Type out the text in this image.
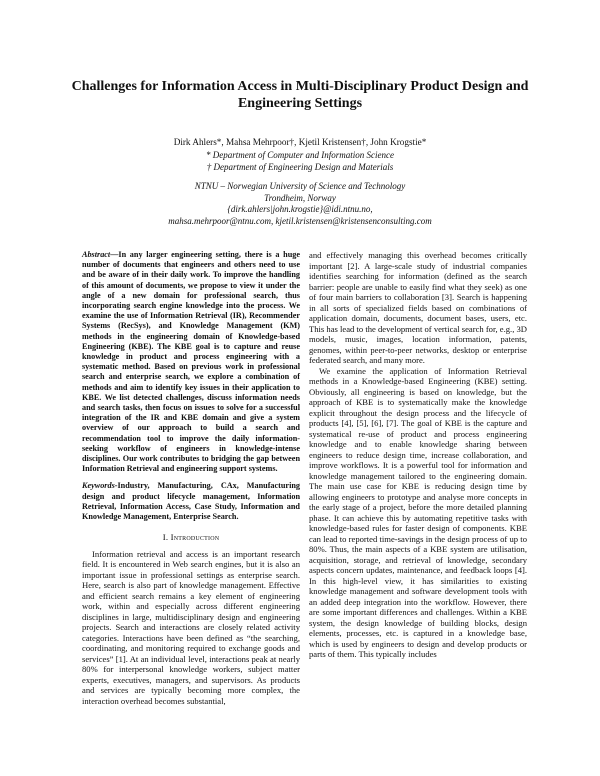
Challenges for Information Access in Multi-Disciplinary Product Design and Engineering Settings
Dirk Ahlers*, Mahsa Mehrpoor†, Kjetil Kristensen†, John Krogstie*
* Department of Computer and Information Science
† Department of Engineering Design and Materials
NTNU – Norwegian University of Science and Technology
Trondheim, Norway
{dirk.ahlers|john.krogstie}@idi.ntnu.no,
mahsa.mehrpoor@ntnu.com, kjetil.kristensen@kristensenconsulting.com

Abstract—In any larger engineering setting, there is a huge number of documents that engineers and others need to use and be aware of in their daily work. To improve the handling of this amount of documents, we propose to view it under the angle of a new domain for professional search, thus incorporating search engine knowledge into the process. We examine the use of Information Retrieval (IR), Recommender Systems (RecSys), and Knowledge Management (KM) methods in the engineering domain of Knowledge-based Engineering (KBE). The KBE goal is to capture and reuse knowledge in product and process engineering with a systematic method. Based on previous work in professional search and enterprise search, we explore a combination of methods and aim to identify key issues in their application to KBE. We list detected challenges, discuss information needs and search tasks, then focus on issues to solve for a successful integration of the IR and KBE domain and give a system overview of our approach to build a search and recommendation tool to improve the daily information-seeking workflow of engineers in knowledge-intense disciplines. Our work contributes to bridging the gap between Information Retrieval and engineering support systems.

Keywords-Industry, Manufacturing, CAx, Manufacturing design and product lifecycle management, Information Retrieval, Information Access, Case Study, Information and Knowledge Management, Enterprise Search.

I. Introduction

Information retrieval and access is an important research field. It is encountered in Web search engines, but it is also an important issue in professional settings as enterprise search. Here, search is also part of knowledge management. Effective and efficient search remains a key element of engineering work, within and especially across different engineering disciplines in large, multidisciplinary design and engineering projects. Search and interactions are closely related activity categories. Interactions have been defined as “the searching, coordinating, and monitoring required to exchange goods and services” [1]. At an individual level, interactions peak at nearly 80% for interpersonal knowledge workers, subject matter experts, executives, managers, and supervisors. As products and services are typically becoming more complex, the interaction overhead becomes substantial,

and effectively managing this overhead becomes critically important [2]. A large-scale study of industrial companies identifies searching for information (defined as the search barrier: people are unable to easily find what they seek) as one of four main barriers to collaboration [3]. Search is happening in all sorts of specialized fields based on combinations of application domain, documents, document bases, users, etc. This has lead to the development of vertical search for, e.g., 3D models, music, images, location information, patents, genomes, within peer-to-peer networks, desktop or enterprise federated search, and many more.

We examine the application of Information Retrieval methods in a Knowledge-based Engineering (KBE) setting. Obviously, all engineering is based on knowledge, but the approach of KBE is to systematically make the knowledge explicit throughout the design process and the lifecycle of products [4], [5], [6], [7]. The goal of KBE is the capture and systematical re-use of product and process engineering knowledge and to enable knowledge sharing between engineers to reduce design time, increase collaboration, and improve workflows. It is a powerful tool for information and knowledge management tailored to the engineering domain. The main use case for KBE is reducing design time by allowing engineers to prototype and analyse more concepts in the early stage of a project, before the more detailed planning phase. It can achieve this by automating repetitive tasks with knowledge-based rules for faster design of components. KBE can lead to reported time-savings in the design process of up to 80%. Thus, the main aspects of a KBE system are utilisation, acquisition, storage, and retrieval of knowledge, secondary aspects concern updates, maintenance, and feedback loops [4]. In this high-level view, it has similarities to existing knowledge management and software development tools with an added deep integration into the workflow. However, there are some important differences and challenges. Within a KBE system, the design knowledge of building blocks, design elements, processes, etc. is captured in a knowledge base, which is used by engineers to design and develop products or parts of them. This typically includes
